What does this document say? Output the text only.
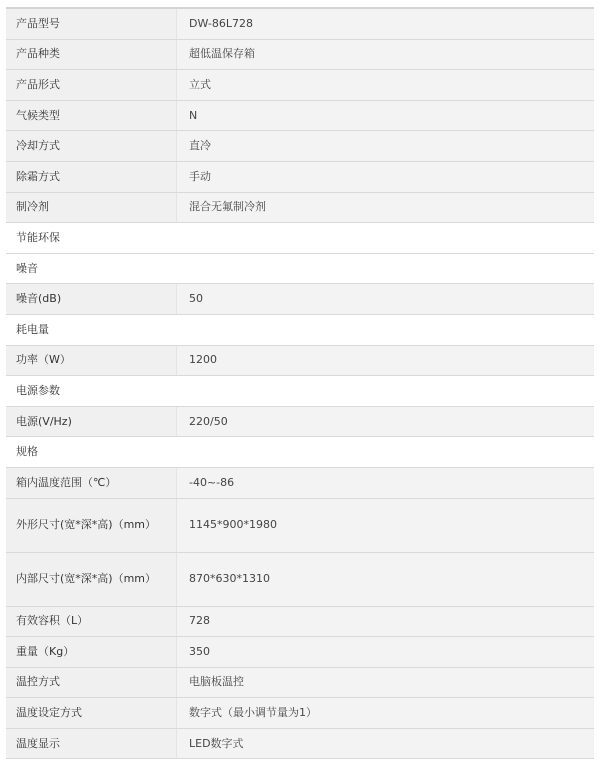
产品型号	DW-86L728
产品种类	超低温保存箱
产品形式	立式
气候类型	N
冷却方式	直冷
除霜方式	手动
制冷剂	混合无氟制冷剂
节能环保
噪音
噪音(dB)	50
耗电量
功率（W）	1200
电源参数
电源(V/Hz)	220/50
规格
箱内温度范围（℃）	-40~-86
外形尺寸(宽*深*高)（mm）	1145*900*1980
内部尺寸(宽*深*高)（mm）	870*630*1310
有效容积（L）	728
重量（Kg）	350
温控方式	电脑板温控
温度设定方式	数字式（最小调节量为1）
温度显示	LED数字式
